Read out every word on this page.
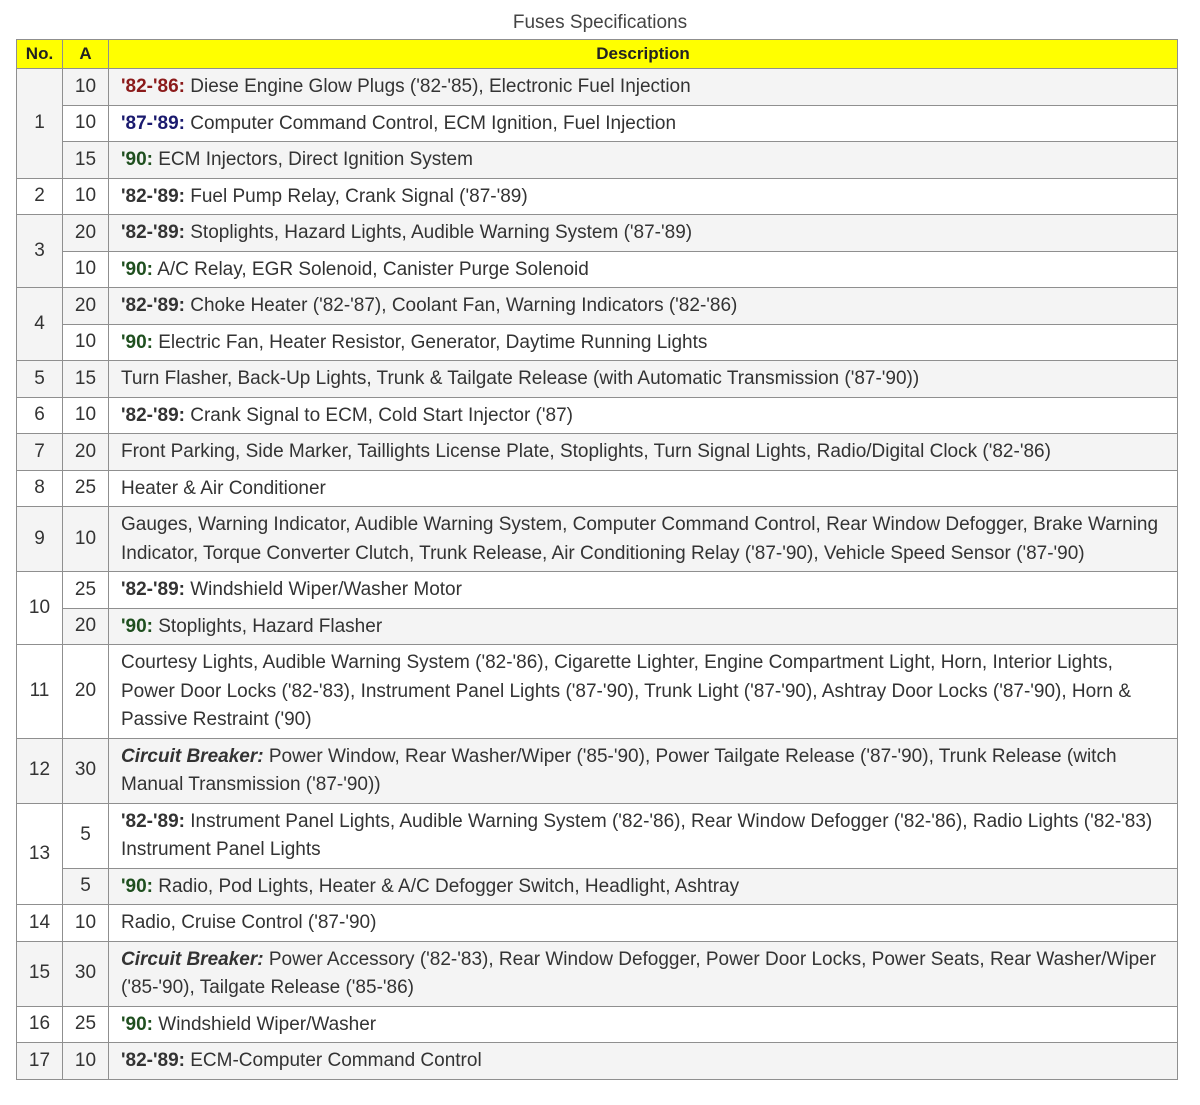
Fuses Specifications
No.	A	Description
1	10	'82-'86: Diese Engine Glow Plugs ('82-'85), Electronic Fuel Injection
	10	'87-'89: Computer Command Control, ECM Ignition, Fuel Injection
	15	'90: ECM Injectors, Direct Ignition System
2	10	'82-'89: Fuel Pump Relay, Crank Signal ('87-'89)
3	20	'82-'89: Stoplights, Hazard Lights, Audible Warning System ('87-'89)
	10	'90: A/C Relay, EGR Solenoid, Canister Purge Solenoid
4	20	'82-'89: Choke Heater ('82-'87), Coolant Fan, Warning Indicators ('82-'86)
	10	'90: Electric Fan, Heater Resistor, Generator, Daytime Running Lights
5	15	Turn Flasher, Back-Up Lights, Trunk & Tailgate Release (with Automatic Transmission ('87-'90))
6	10	'82-'89: Crank Signal to ECM, Cold Start Injector ('87)
7	20	Front Parking, Side Marker, Taillights License Plate, Stoplights, Turn Signal Lights, Radio/Digital Clock ('82-'86)
8	25	Heater & Air Conditioner
9	10	Gauges, Warning Indicator, Audible Warning System, Computer Command Control, Rear Window Defogger, Brake Warning Indicator, Torque Converter Clutch, Trunk Release, Air Conditioning Relay ('87-'90), Vehicle Speed Sensor ('87-'90)
10	25	'82-'89: Windshield Wiper/Washer Motor
	20	'90: Stoplights, Hazard Flasher
11	20	Courtesy Lights, Audible Warning System ('82-'86), Cigarette Lighter, Engine Compartment Light, Horn, Interior Lights, Power Door Locks ('82-'83), Instrument Panel Lights ('87-'90), Trunk Light ('87-'90), Ashtray Door Locks ('87-'90), Horn & Passive Restraint ('90)
12	30	Circuit Breaker: Power Window, Rear Washer/Wiper ('85-'90), Power Tailgate Release ('87-'90), Trunk Release (witch Manual Transmission ('87-'90))
13	5	'82-'89: Instrument Panel Lights, Audible Warning System ('82-'86), Rear Window Defogger ('82-'86), Radio Lights ('82-'83)   Instrument Panel Lights
	5	'90: Radio, Pod Lights, Heater & A/C Defogger Switch, Headlight, Ashtray
14	10	Radio, Cruise Control ('87-'90)
15	30	Circuit Breaker: Power Accessory ('82-'83), Rear Window Defogger, Power Door Locks, Power Seats, Rear Washer/Wiper ('85-'90), Tailgate Release ('85-'86)
16	25	'90: Windshield Wiper/Washer
17	10	'82-'89: ECM-Computer Command Control
